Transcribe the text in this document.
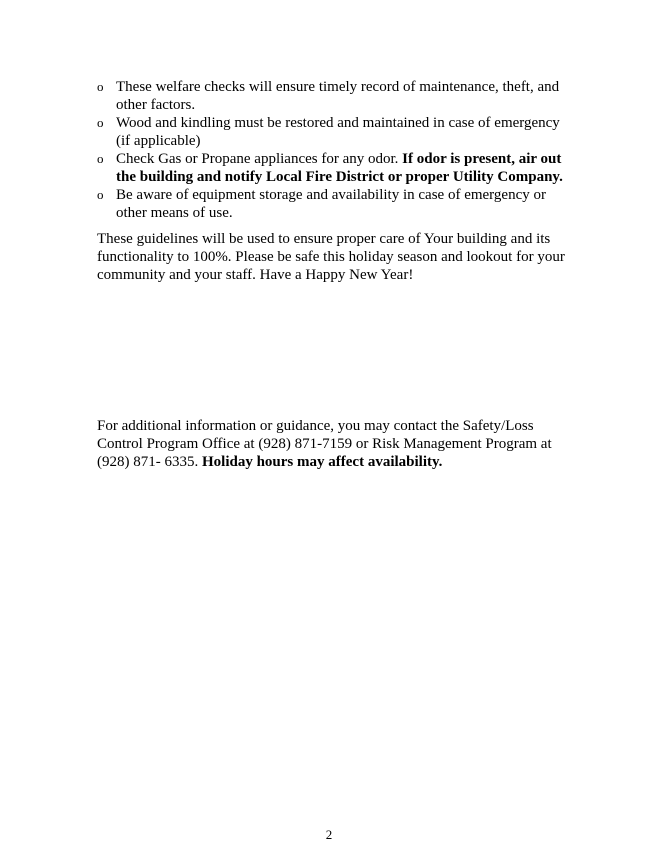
o These welfare checks will ensure timely record of maintenance, theft, and other factors.
o Wood and kindling must be restored and maintained in case of emergency (if applicable)
o Check Gas or Propane appliances for any odor. If odor is present, air out the building and notify Local Fire District or proper Utility Company.
o Be aware of equipment storage and availability in case of emergency or other means of use.

These guidelines will be used to ensure proper care of Your building and its functionality to 100%. Please be safe this holiday season and lookout for your community and your staff. Have a Happy New Year!

For additional information or guidance, you may contact the Safety/Loss Control Program Office at (928) 871-7159 or Risk Management Program at (928) 871- 6335. Holiday hours may affect availability.

2
